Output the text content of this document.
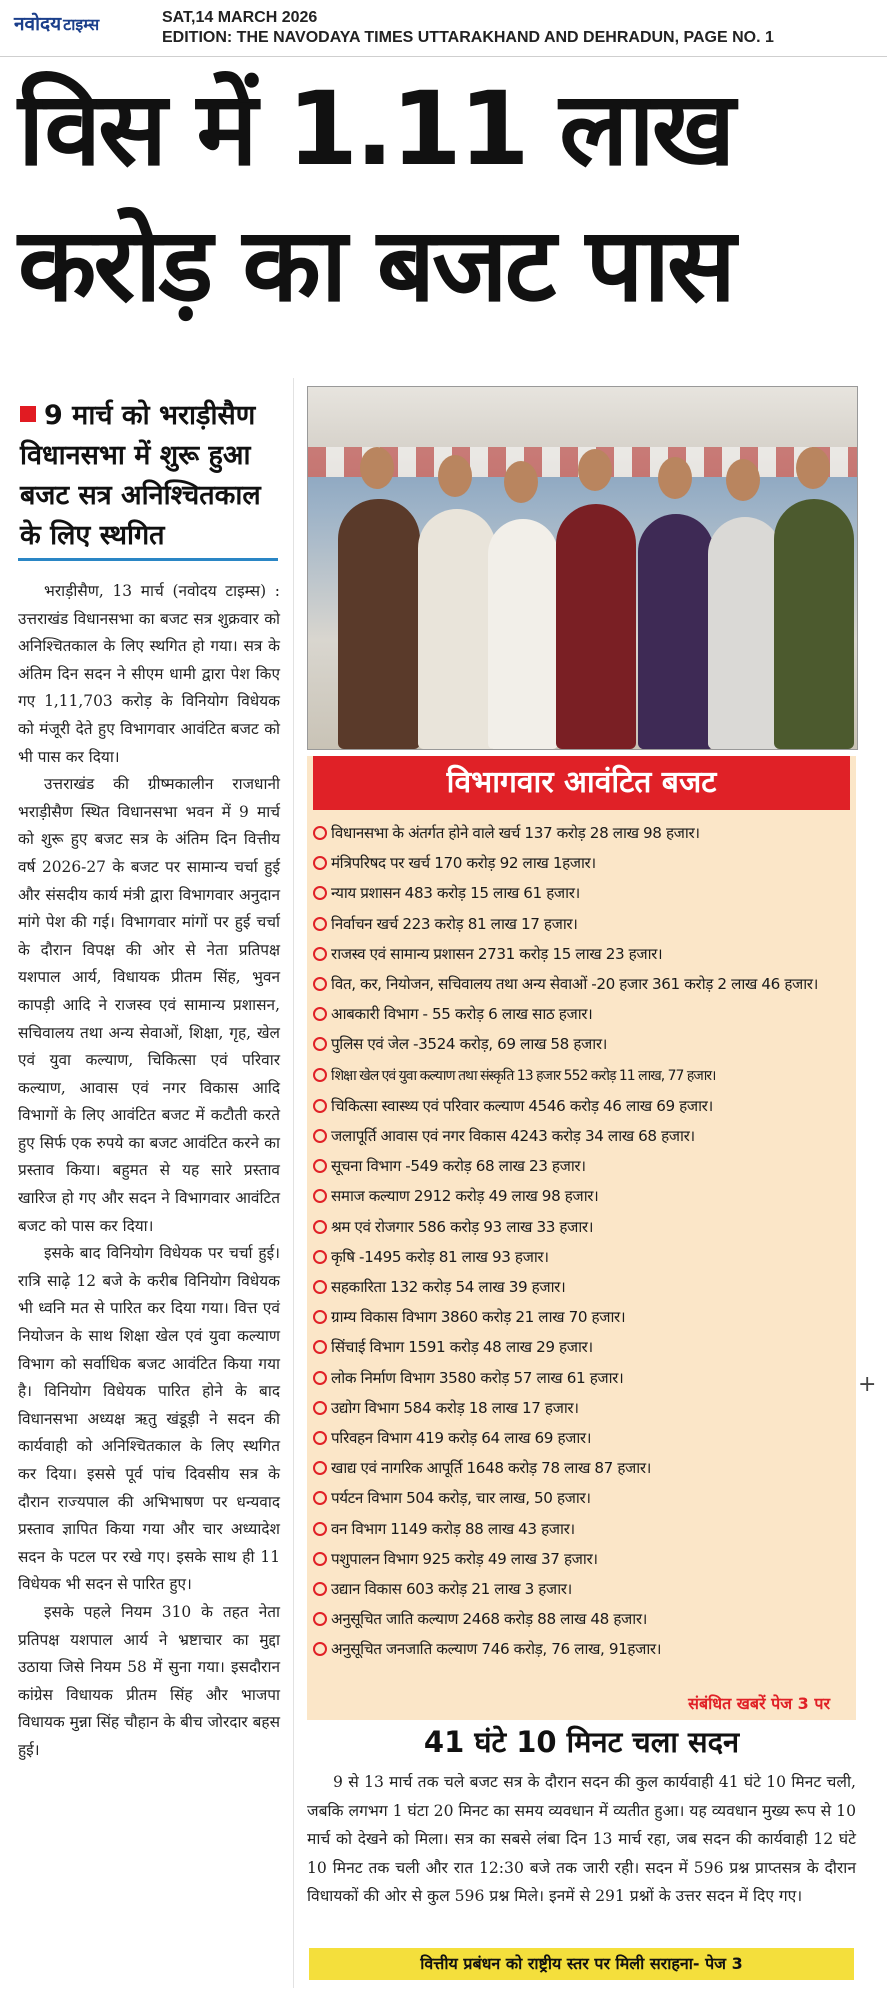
नवोदय टाइम्स	SAT,14 MARCH 2026
EDITION: THE NAVODAYA TIMES UTTARAKHAND AND DEHRADUN, PAGE NO. 1
विस में 1.11 लाख
करोड़ का बजट पास
9 मार्च को भराड़ीसैण विधानसभा में शुरू हुआ बजट सत्र अनिश्चितकाल के लिए स्थगित

भराड़ीसैण, 13 मार्च (नवोदय टाइम्स) : उत्तराखंड विधानसभा का बजट सत्र शुक्रवार को अनिश्चितकाल के लिए स्थगित हो गया। सत्र के अंतिम दिन सदन ने सीएम धामी द्वारा पेश किए गए 1,11,703 करोड़ के विनियोग विधेयक को मंजूरी देते हुए विभागवार आवंटित बजट को भी पास कर दिया।

उत्तराखंड की ग्रीष्मकालीन राजधानी भराड़ीसैण स्थित विधानसभा भवन में 9 मार्च को शुरू हुए बजट सत्र के अंतिम दिन वित्तीय वर्ष 2026-27 के बजट पर सामान्य चर्चा हुई और संसदीय कार्य मंत्री द्वारा विभागवार अनुदान मांगे पेश की गई। विभागवार मांगों पर हुई चर्चा के दौरान विपक्ष की ओर से नेता प्रतिपक्ष यशपाल आर्य, विधायक प्रीतम सिंह, भुवन कापड़ी आदि ने राजस्व एवं सामान्य प्रशासन, सचिवालय तथा अन्य सेवाओं, शिक्षा, गृह, खेल एवं युवा कल्याण, चिकित्सा एवं परिवार कल्याण, आवास एवं नगर विकास आदि विभागों के लिए आवंटित बजट में कटौती करते हुए सिर्फ एक रुपये का बजट आवंटित करने का प्रस्ताव किया। बहुमत से यह सारे प्रस्ताव खारिज हो गए और सदन ने विभागवार आवंटित बजट को पास कर दिया।

इसके बाद विनियोग विधेयक पर चर्चा हुई। रात्रि साढ़े 12 बजे के करीब विनियोग विधेयक भी ध्वनि मत से पारित कर दिया गया। वित्त एवं नियोजन के साथ शिक्षा खेल एवं युवा कल्याण विभाग को सर्वाधिक बजट आवंटित किया गया है। विनियोग विधेयक पारित होने के बाद विधानसभा अध्यक्ष ऋतु खंडूड़ी ने सदन की कार्यवाही को अनिश्चितकाल के लिए स्थगित कर दिया। इससे पूर्व पांच दिवसीय सत्र के दौरान राज्यपाल की अभिभाषण पर धन्यवाद प्रस्ताव ज्ञापित किया गया और चार अध्यादेश सदन के पटल पर रखे गए। इसके साथ ही 11 विधेयक भी सदन से पारित हुए।

इसके पहले नियम 310 के तहत नेता प्रतिपक्ष यशपाल आर्य ने भ्रष्टाचार का मुद्दा उठाया जिसे नियम 58 में सुना गया। इसदौरान कांग्रेस विधायक प्रीतम सिंह और भाजपा विधायक मुन्ना सिंह चौहान के बीच जोरदार बहस हुई।

विभागवार आवंटित बजट
विधानसभा के अंतर्गत होने वाले खर्च 137 करोड़ 28 लाख 98 हजार।
मंत्रिपरिषद पर खर्च 170 करोड़ 92 लाख 1हजार।
न्याय प्रशासन 483 करोड़ 15 लाख 61 हजार।
निर्वाचन खर्च 223 करोड़ 81 लाख 17 हजार।
राजस्व एवं सामान्य प्रशासन 2731 करोड़ 15 लाख 23 हजार।
वित, कर, नियोजन, सचिवालय तथा अन्य सेवाओं -20 हजार 361 करोड़ 2 लाख 46 हजार।
आबकारी विभाग - 55 करोड़ 6 लाख साठ हजार।
पुलिस एवं जेल -3524 करोड़, 69 लाख 58 हजार।
शिक्षा खेल एवं युवा कल्याण तथा संस्कृति 13 हजार 552 करोड़ 11 लाख, 77 हजार।
चिकित्सा स्वास्थ्य एवं परिवार कल्याण 4546 करोड़ 46 लाख 69 हजार।
जलापूर्ति आवास एवं नगर विकास 4243 करोड़ 34 लाख 68 हजार।
सूचना विभाग -549 करोड़ 68 लाख 23 हजार।
समाज कल्याण 2912 करोड़ 49 लाख 98 हजार।
श्रम एवं रोजगार 586 करोड़ 93 लाख 33 हजार।
कृषि -1495 करोड़ 81 लाख 93 हजार।
सहकारिता 132 करोड़ 54 लाख 39 हजार।
ग्राम्य विकास विभाग 3860 करोड़ 21 लाख 70 हजार।
सिंचाई विभाग 1591 करोड़ 48 लाख 29 हजार।
लोक निर्माण विभाग 3580 करोड़ 57 लाख 61 हजार।
उद्योग विभाग 584 करोड़ 18 लाख 17 हजार।
परिवहन विभाग 419 करोड़ 64 लाख 69 हजार।
खाद्य एवं नागरिक आपूर्ति 1648 करोड़ 78 लाख 87 हजार।
पर्यटन विभाग 504 करोड़, चार लाख, 50 हजार।
वन विभाग 1149 करोड़ 88 लाख 43 हजार।
पशुपालन विभाग 925 करोड़ 49 लाख 37 हजार।
उद्यान विकास 603 करोड़ 21 लाख 3 हजार।
अनुसूचित जाति कल्याण 2468 करोड़ 88 लाख 48 हजार।
अनुसूचित जनजाति कल्याण 746 करोड़, 76 लाख, 91हजार।
संबंधित खबरें पेज 3 पर
41 घंटे 10 मिनट चला सदन

9 से 13 मार्च तक चले बजट सत्र के दौरान सदन की कुल कार्यवाही 41 घंटे 10 मिनट चली, जबकि लगभग 1 घंटा 20 मिनट का समय व्यवधान में व्यतीत हुआ। यह व्यवधान मुख्य रूप से 10 मार्च को देखने को मिला। सत्र का सबसे लंबा दिन 13 मार्च रहा, जब सदन की कार्यवाही 12 घंटे 10 मिनट तक चली और रात 12:30 बजे तक जारी रही। सदन में 596 प्रश्न प्राप्तसत्र के दौरान विधायकों की ओर से कुल 596 प्रश्न मिले। इनमें से 291 प्रश्नों के उत्तर सदन में दिए गए।

वित्तीय प्रबंधन को राष्ट्रीय स्तर पर मिली सराहना- पेज 3
+
